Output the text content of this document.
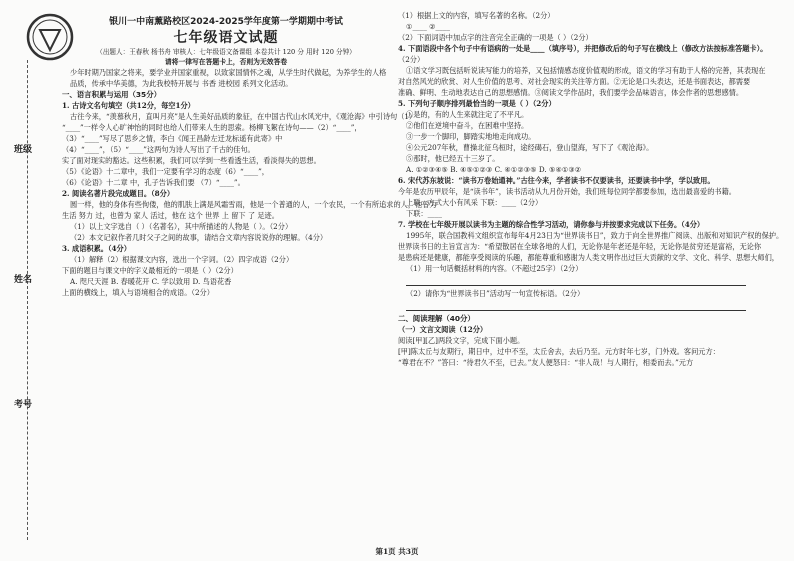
班级
姓名
考号
银川一中南薰路校区2024-2025学年度第一学期期中考试
七年级语文试题
（出题人：王春秋 杨书舟 审核人：七年级语文备课组 本卷共计 120 分 用时 120 分钟）
请将一律写在答题卡上，否则为无效答卷
少年时期乃国家之将来，要学业并国家重视，以致家国情怀之魂，从学生时代做起，为养学生的人格品质，传承中华美德，为此我校特开展与 书香 进校园 系列文化活动。
一、语言积累与运用（35分）
1. 古诗文名句填空（共12分，每空1分）
古往今来，“羡慕秋月，直叫月亮”是人生美好品质的象征，在中国古代山水风光中，《观沧海》中引诗句（1）
“____”一样令人心旷神怡的同时也给人们带来人生的思索。杨柳飞絮在诗句——（2）“____”，
（3）“____”写尽了思乡之情，李白《闻王昌龄左迁龙标遥有此寄》中
（4）“____”，（5）“____”这两句为诗人写出了千古的佳句。
实了面对现实的豁达。这些积累，我们可以学到一些看透生活，看淡得失的思想。
（5）《论语》十二章中，我们一定要有学习的态度（6）“____”，
（6）《论语》十二章 中，孔子告诉我们要 （7）“____”。
2. 阅读名著片段完成题目。（8分）
圆一样，他的身体有些佝偻，他的肌肤上满是风霜雪雨，他是一个普通的人，一个农民，一个有所追求的人，他曾为
生活 努力 过，也曾为 家人 活过，他在 这个 世界 上 留下 了 足迹。
（1）以上文字选自（ ）（名著名），其中所描述的人物是（ ）。（2分）
（2）本文记叙作者几时父子之间的故事，请结合文章内容说说你的理解。（4分）
3. 成语积累。（4分）
（1）解释（2）根据课文内容，选出一个字词。（2）四字成语（2分）
下面的题目与课文中的字义最相近的一项是（ ）（2分）
A. 咫尺天涯 B. 春暖花开 C. 学以致用 D. 鸟语花香
上面的横线上，填入与语境相合的成语。（2分）
（1）根据上文的内容，填写名著的名称。（2分）
①____ ②____
（2）下面词语中加点字的注音完全正确的一项是（ ）（2分）
4. 下面语段中各个句子中有语病的一处是____（填序号），并把修改后的句子写在横线上（修改方法按标准答题卡）。
（2分）
①语文学习既包括听说读写能力的培养，又包括情感态度价值观的形成，语文的学习有助于人格的完善，其表现在
对自然风光的欣赏、对人生价值的思考、对社会现实的关注等方面。②无论是口头表达，还是书面表达，都需要
准确、鲜明、生动地表达自己的思想感情。③阅读文学作品时，我们要学会品味语言，体会作者的思想感情。
5. 下列句子顺序排列最恰当的一项是（ ）（2分）
①是的，有的人生来就注定了不平凡。
②他们在逆境中奋斗，在困难中坚持。
③一步一个脚印，脚踏实地地走向成功。
④公元207年秋，曹操北征乌桓时，途经碣石，登山望海，写下了《观沧海》。
⑤那时，他已经五十三岁了。
A. ①②③④⑤ B. ④⑤①②③ C. ④①②③⑤ D. ⑤④①③②
6. 宋代苏东坡说：“读书万卷始通神。”古往今来，学者读书不仅要读书，还要读书中学，学以致用。
今年是农历甲辰年，是“读书年”，读书活动从九月份开始，我们班每位同学都要参加，选出最喜爱的书籍。
上联：方式大小有风采 下联：____（2分）
下联：____
7. 学校在七年级开展以读书为主题的综合性学习活动，请你参与并按要求完成以下任务。（4分）
1995年，联合国教科文组织宣布每年4月23日为“世界读书日”，致力于向全世界推广阅读、出版和对知识产权的保护。
世界读书日的主旨宣言为：“希望散居在全球各地的人们，无论你是年老还是年轻，无论你是贫穷还是富裕，无论你
是患病还是健康，都能享受阅读的乐趣，都能尊重和感谢为人类文明作出过巨大贡献的文学、文化、科学、思想大师们，
（1）用一句话概括材料的内容。（不超过25字）（2分）
（2）请你为“世界读书日”活动写一句宣传标语。（2分）
二、阅读理解（40分）
（一）文言文阅读（12分）
阅读[甲][乙]两段文字，完成下面小题。
[甲]陈太丘与友期行，期日中，过中不至，太丘舍去，去后乃至。元方时年七岁，门外戏。客问元方：
“尊君在不？”答曰：“待君久不至，已去。”友人便怒曰：“非人哉！与人期行，相委而去。”元方
第1页 共3页
